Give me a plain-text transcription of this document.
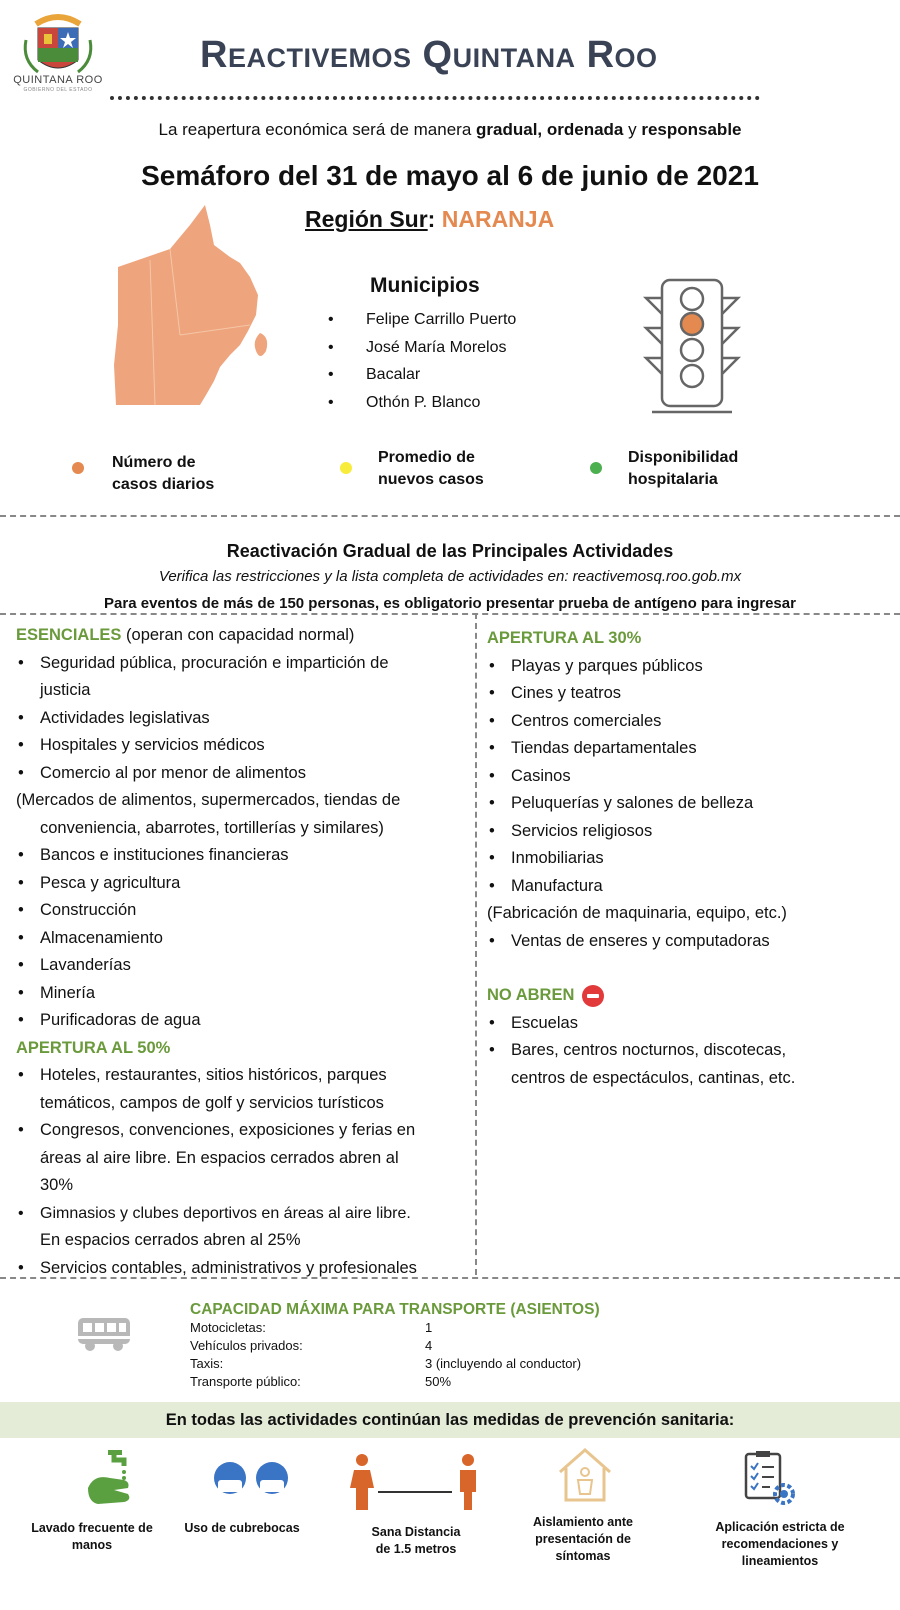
QUINTANA ROO
GOBIERNO DEL ESTADO
Reactivemos Quintana Roo
La reapertura económica será de manera gradual, ordenada y responsable
Semáforo del 31 de mayo al 6 de junio de 2021
Región Sur: NARANJA
Municipios
• Felipe Carrillo Puerto
• José María Morelos
• Bacalar
• Othón P. Blanco
Número de
casos diarios
Promedio de
nuevos casos
Disponibilidad
hospitalaria
Reactivación Gradual de las Principales Actividades
Verifica las restricciones y la lista completa de actividades en: reactivemosq.roo.gob.mx
Para eventos de más de 150 personas, es obligatorio presentar prueba de antígeno para ingresar
ESENCIALES (operan con capacidad normal)
• Seguridad pública, procuración e impartición de
justicia
• Actividades legislativas
• Hospitales y servicios médicos
• Comercio al por menor de alimentos
(Mercados de alimentos, supermercados, tiendas de
conveniencia, abarrotes, tortillerías y similares)
• Bancos e instituciones financieras
• Pesca y agricultura
• Construcción
• Almacenamiento
• Lavanderías
• Minería
• Purificadoras de agua
APERTURA AL 50%
• Hoteles, restaurantes, sitios históricos, parques
temáticos, campos de golf y servicios turísticos
• Congresos, convenciones, exposiciones y ferias en
áreas al aire libre. En espacios cerrados abren al
30%
• Gimnasios y clubes deportivos en áreas al aire libre.
En espacios cerrados abren al 25%
• Servicios contables, administrativos y profesionales
APERTURA AL 30%
• Playas y parques públicos
• Cines y teatros
• Centros comerciales
• Tiendas departamentales
• Casinos
• Peluquerías y salones de belleza
• Servicios religiosos
• Inmobiliarias
• Manufactura
(Fabricación de maquinaria, equipo, etc.)
• Ventas de enseres y computadoras
NO ABREN
• Escuelas
• Bares, centros nocturnos, discotecas,
centros de espectáculos, cantinas, etc.
CAPACIDAD MÁXIMA PARA TRANSPORTE (ASIENTOS)
Motocicletas:	1
Vehículos privados:	4
Taxis:	3 (incluyendo al conductor)
Transporte público:	50%
En todas las actividades continúan las medidas de prevención sanitaria:
Lavado frecuente de
manos
Uso de cubrebocas	Sana Distancia
de 1.5 metros
Aislamiento ante
presentación de
síntomas
Aplicación estricta de
recomendaciones y
lineamientos
